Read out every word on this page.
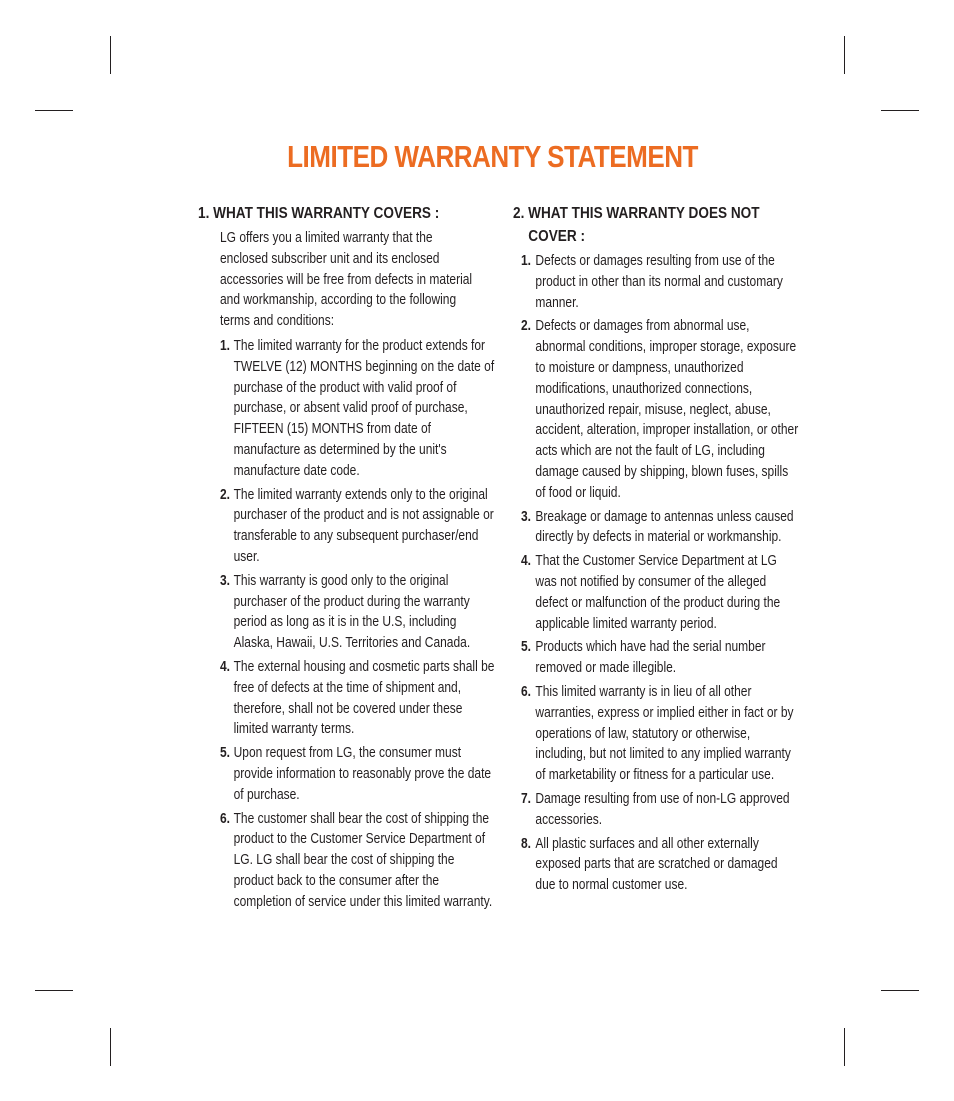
LIMITED WARRANTY STATEMENT
1. WHAT THIS WARRANTY COVERS :
LG offers you a limited warranty that the enclosed subscriber unit and its enclosed accessories will be free from defects in material and workmanship, according to the following terms and conditions:
1. The limited warranty for the product extends for TWELVE (12) MONTHS beginning on the date of purchase of the product with valid proof of purchase, or absent valid proof of purchase, FIFTEEN (15) MONTHS from date of manufacture as determined by the unit's manufacture date code.
2. The limited warranty extends only to the original purchaser of the product and is not assignable or transferable to any subsequent purchaser/end user.
3. This warranty is good only to the original purchaser of the product during the warranty period as long as it is in the U.S, including Alaska, Hawaii, U.S. Territories and Canada.
4. The external housing and cosmetic parts shall be free of defects at the time of shipment and, therefore, shall not be covered under these limited warranty terms.
5. Upon request from LG, the consumer must provide information to reasonably prove the date of purchase.
6. The customer shall bear the cost of shipping the product to the Customer Service Department of LG. LG shall bear the cost of shipping the product back to the consumer after the completion of service under this limited warranty.
2. WHAT THIS WARRANTY DOES NOT
COVER :
1. Defects or damages resulting from use of the product in other than its normal and customary manner.
2. Defects or damages from abnormal use, abnormal conditions, improper storage, exposure to moisture or dampness, unauthorized modifications, unauthorized connections, unauthorized repair, misuse, neglect, abuse, accident, alteration, improper installation, or other acts which are not the fault of LG, including damage caused by shipping, blown fuses, spills of food or liquid.
3. Breakage or damage to antennas unless caused directly by defects in material or workmanship.
4. That the Customer Service Department at LG was not notified by consumer of the alleged defect or malfunction of the product during the applicable limited warranty period.
5. Products which have had the serial number removed or made illegible.
6. This limited warranty is in lieu of all other warranties, express or implied either in fact or by operations of law, statutory or otherwise, including, but not limited to any implied warranty of marketability or fitness for a particular use.
7. Damage resulting from use of non-LG approved accessories.
8. All plastic surfaces and all other externally exposed parts that are scratched or damaged due to normal customer use.
